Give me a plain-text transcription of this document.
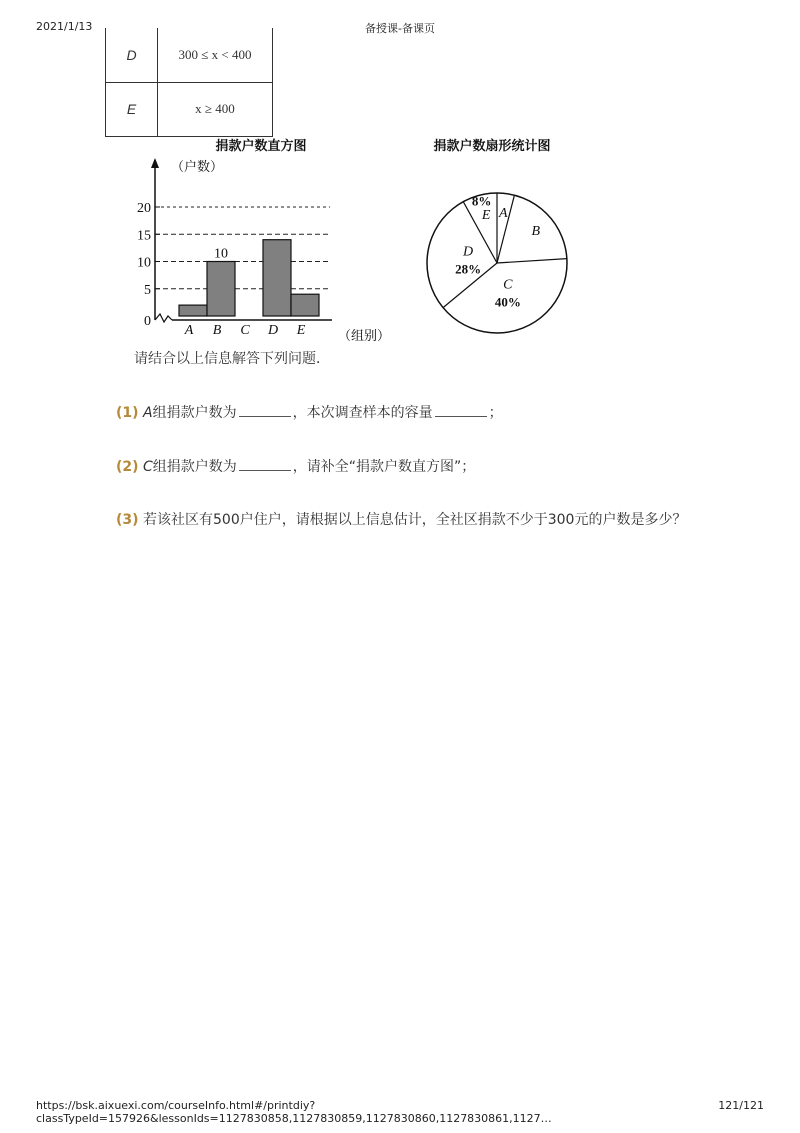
2021/1/13	备授课-备课页
D	300 ≤ x < 400
E	x ≥ 400
捐款户数直方图
（户数）
（组别）
0
5
10
15
20
A B
10
C D E
捐款户数扇形统计图
A
B
C
40%
D
28%
E
8%
请结合以上信息解答下列问题．
(1) A组捐款户数为	，本次调查样本的容量	；
(2) C组捐款户数为	，请补全“捐款户数直方图”；
(3) 若该社区有500户住户，请根据以上信息估计，全社区捐款不少于300元的户数是多少？
https://bsk.aixuexi.com/courseInfo.html#/printdiy?classTypeId=157926&lessonIds=1127830858,1127830859,1127830860,1127830861,1127…
121/121
